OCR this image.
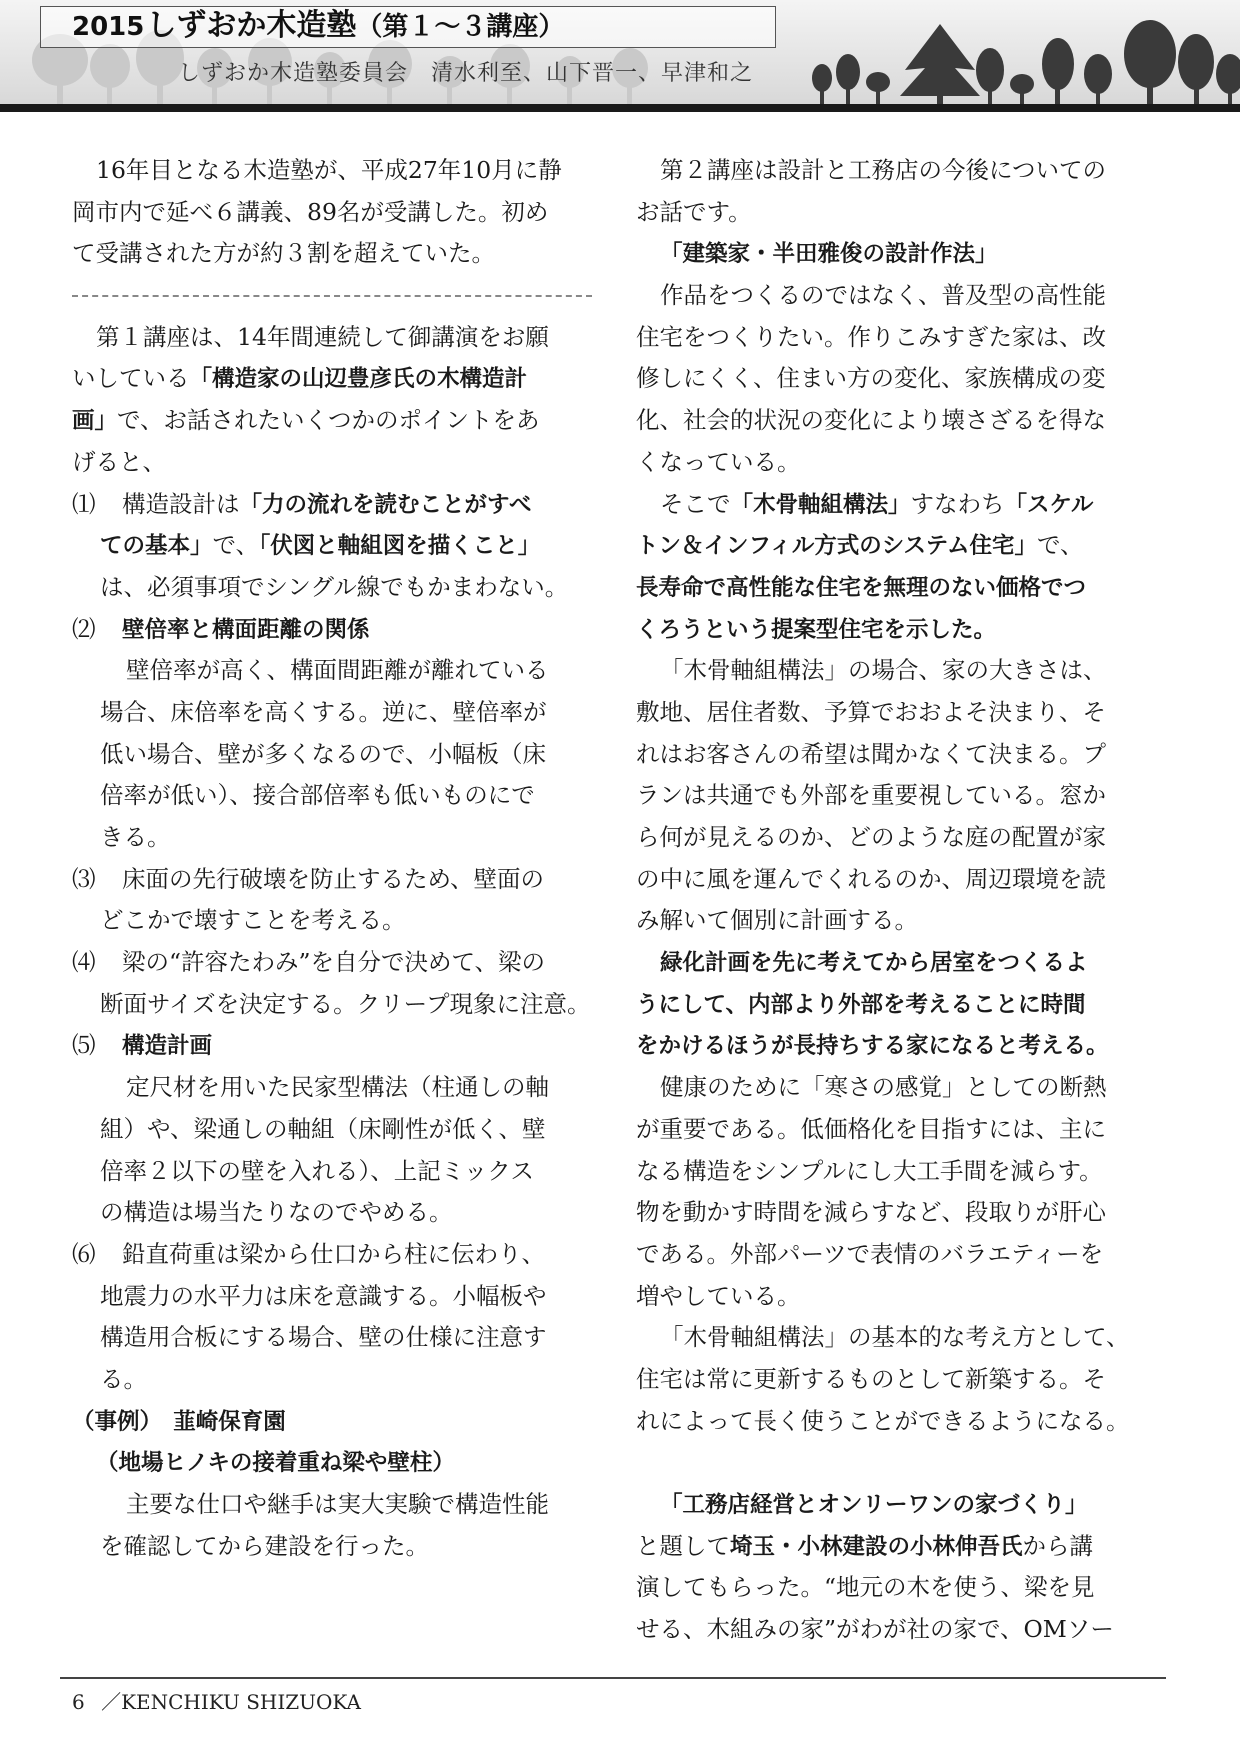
2015しずおか木造塾（第１～３講座）
しずおか木造塾委員会　清水利至、山下晋一、早津和之
16年目となる木造塾が、平成27年10月に静
岡市内で延べ６講義、89名が受講した。初め
て受講された方が約３割を超えていた。
第１講座は、14年間連続して御講演をお願
いしている「構造家の山辺豊彦氏の木構造計
画」で、お話されたいくつかのポイントをあ
げると、
⑴ 構造設計は「力の流れを読むことがすべ
ての基本」で、「伏図と軸組図を描くこと」
は、必須事項でシングル線でもかまわない。
⑵ 壁倍率と構面距離の関係
壁倍率が高く、構面間距離が離れている
場合、床倍率を高くする。逆に、壁倍率が
低い場合、壁が多くなるので、小幅板（床
倍率が低い）、接合部倍率も低いものにで
きる。
⑶ 床面の先行破壊を防止するため、壁面の
どこかで壊すことを考える。
⑷ 梁の“許容たわみ”を自分で決めて、梁の
断面サイズを決定する。クリープ現象に注意。
⑸ 構造計画
定尺材を用いた民家型構法（柱通しの軸
組）や、梁通しの軸組（床剛性が低く、壁
倍率２以下の壁を入れる）、上記ミックス
の構造は場当たりなのでやめる。
⑹ 鉛直荷重は梁から仕口から柱に伝わり、
地震力の水平力は床を意識する。小幅板や
構造用合板にする場合、壁の仕様に注意す
る。
（事例）　韮崎保育園
（地場ヒノキの接着重ね梁や壁柱）
主要な仕口や継手は実大実験で構造性能
を確認してから建設を行った。
第２講座は設計と工務店の今後についての
お話です。
「建築家・半田雅俊の設計作法」
作品をつくるのではなく、普及型の高性能
住宅をつくりたい。作りこみすぎた家は、改
修しにくく、住まい方の変化、家族構成の変
化、社会的状況の変化により壊さざるを得な
くなっている。
そこで「木骨軸組構法」すなわち「スケル
トン＆インフィル方式のシステム住宅」で、
長寿命で高性能な住宅を無理のない価格でつ
くろうという提案型住宅を示した。
「木骨軸組構法」の場合、家の大きさは、
敷地、居住者数、予算でおおよそ決まり、そ
れはお客さんの希望は聞かなくて決まる。プ
ランは共通でも外部を重要視している。窓か
ら何が見えるのか、どのような庭の配置が家
の中に風を運んでくれるのか、周辺環境を読
み解いて個別に計画する。
緑化計画を先に考えてから居室をつくるよ
うにして、内部より外部を考えることに時間
をかけるほうが長持ちする家になると考える。
健康のために「寒さの感覚」としての断熱
が重要である。低価格化を目指すには、主に
なる構造をシンプルにし大工手間を減らす。
物を動かす時間を減らすなど、段取りが肝心
である。外部パーツで表情のバラエティーを
増やしている。
「木骨軸組構法」の基本的な考え方として、
住宅は常に更新するものとして新築する。そ
れによって長く使うことができるようになる。
「工務店経営とオンリーワンの家づくり」
と題して埼玉・小林建設の小林伸吾氏から講
演してもらった。“地元の木を使う、梁を見
せる、木組みの家”がわが社の家で、OMソー
6 ／KENCHIKU SHIZUOKA
